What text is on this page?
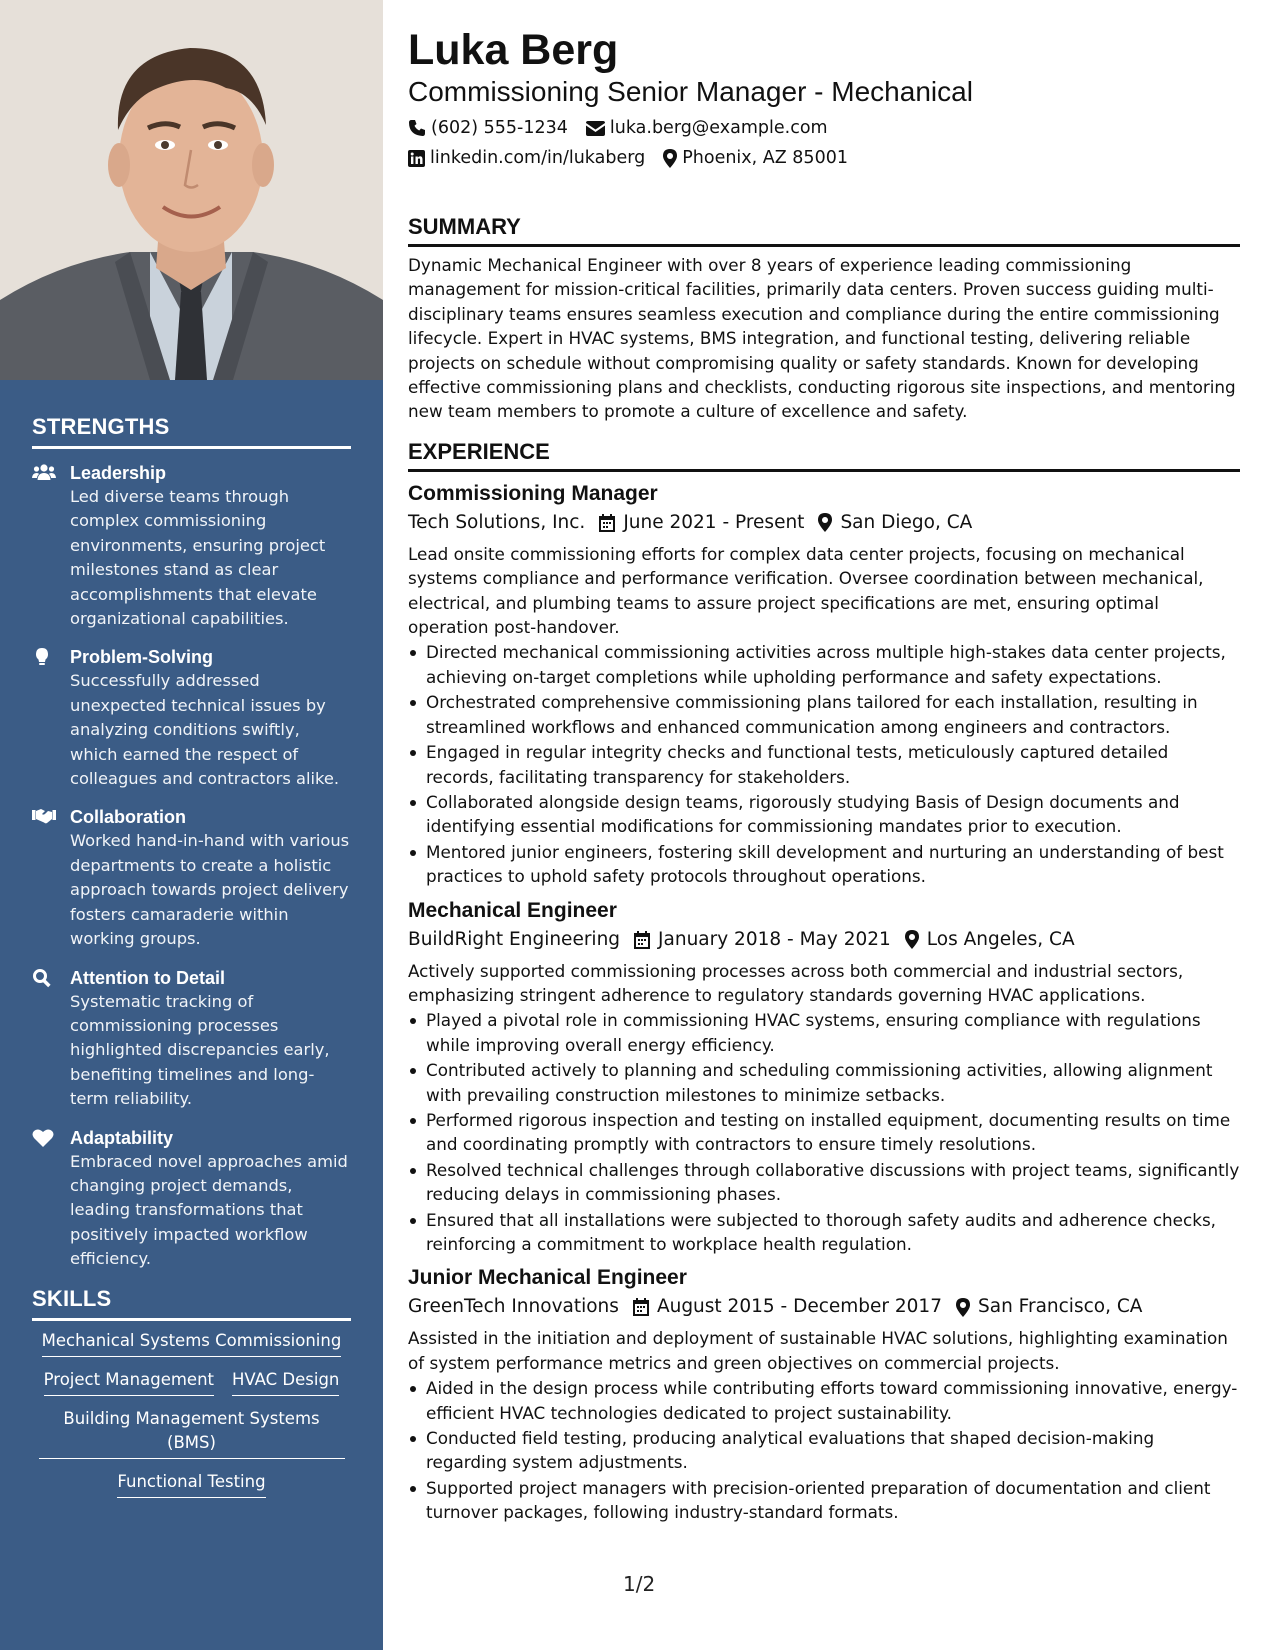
STRENGTHS
Leadership
Led diverse teams through complex commissioning environments, ensuring project milestones stand as clear accomplishments that elevate organizational capabilities.
Problem-Solving
Successfully addressed unexpected technical issues by analyzing conditions swiftly, which earned the respect of colleagues and contractors alike.
Collaboration
Worked hand-in-hand with various departments to create a holistic approach towards project delivery fosters camaraderie within working groups.
Attention to Detail
Systematic tracking of commissioning processes highlighted discrepancies early, benefiting timelines and long-term reliability.
Adaptability
Embraced novel approaches amid changing project demands, leading transformations that positively impacted workflow efficiency.
SKILLS
Mechanical Systems Commissioning
Project Management HVAC Design
Building Management Systems (BMS)
Functional Testing
Luka Berg
Commissioning Senior Manager - Mechanical
(602) 555-1234 luka.berg@example.com
linkedin.com/in/lukaberg Phoenix, AZ 85001
SUMMARY

Dynamic Mechanical Engineer with over 8 years of experience leading commissioning management for mission-critical facilities, primarily data centers. Proven success guiding multi-disciplinary teams ensures seamless execution and compliance during the entire commissioning lifecycle. Expert in HVAC systems, BMS integration, and functional testing, delivering reliable projects on schedule without compromising quality or safety standards. Known for developing effective commissioning plans and checklists, conducting rigorous site inspections, and mentoring new team members to promote a culture of excellence and safety.

EXPERIENCE
Commissioning Manager
Tech Solutions, Inc. June 2021 - Present San Diego, CA

Lead onsite commissioning efforts for complex data center projects, focusing on mechanical systems compliance and performance verification. Oversee coordination between mechanical, electrical, and plumbing teams to assure project specifications are met, ensuring optimal operation post-handover.

Directed mechanical commissioning activities across multiple high-stakes data center projects, achieving on-target completions while upholding performance and safety expectations.
Orchestrated comprehensive commissioning plans tailored for each installation, resulting in streamlined workflows and enhanced communication among engineers and contractors.
Engaged in regular integrity checks and functional tests, meticulously captured detailed records, facilitating transparency for stakeholders.
Collaborated alongside design teams, rigorously studying Basis of Design documents and identifying essential modifications for commissioning mandates prior to execution.
Mentored junior engineers, fostering skill development and nurturing an understanding of best practices to uphold safety protocols throughout operations.
Mechanical Engineer
BuildRight Engineering January 2018 - May 2021 Los Angeles, CA

Actively supported commissioning processes across both commercial and industrial sectors, emphasizing stringent adherence to regulatory standards governing HVAC applications.

Played a pivotal role in commissioning HVAC systems, ensuring compliance with regulations while improving overall energy efficiency.
Contributed actively to planning and scheduling commissioning activities, allowing alignment with prevailing construction milestones to minimize setbacks.
Performed rigorous inspection and testing on installed equipment, documenting results on time and coordinating promptly with contractors to ensure timely resolutions.
Resolved technical challenges through collaborative discussions with project teams, significantly reducing delays in commissioning phases.
Ensured that all installations were subjected to thorough safety audits and adherence checks, reinforcing a commitment to workplace health regulation.
Junior Mechanical Engineer
GreenTech Innovations August 2015 - December 2017 San Francisco, CA

Assisted in the initiation and deployment of sustainable HVAC solutions, highlighting examination of system performance metrics and green objectives on commercial projects.

Aided in the design process while contributing efforts toward commissioning innovative, energy-efficient HVAC technologies dedicated to project sustainability.
Conducted field testing, producing analytical evaluations that shaped decision-making regarding system adjustments.
Supported project managers with precision-oriented preparation of documentation and client turnover packages, following industry-standard formats.
1/2
